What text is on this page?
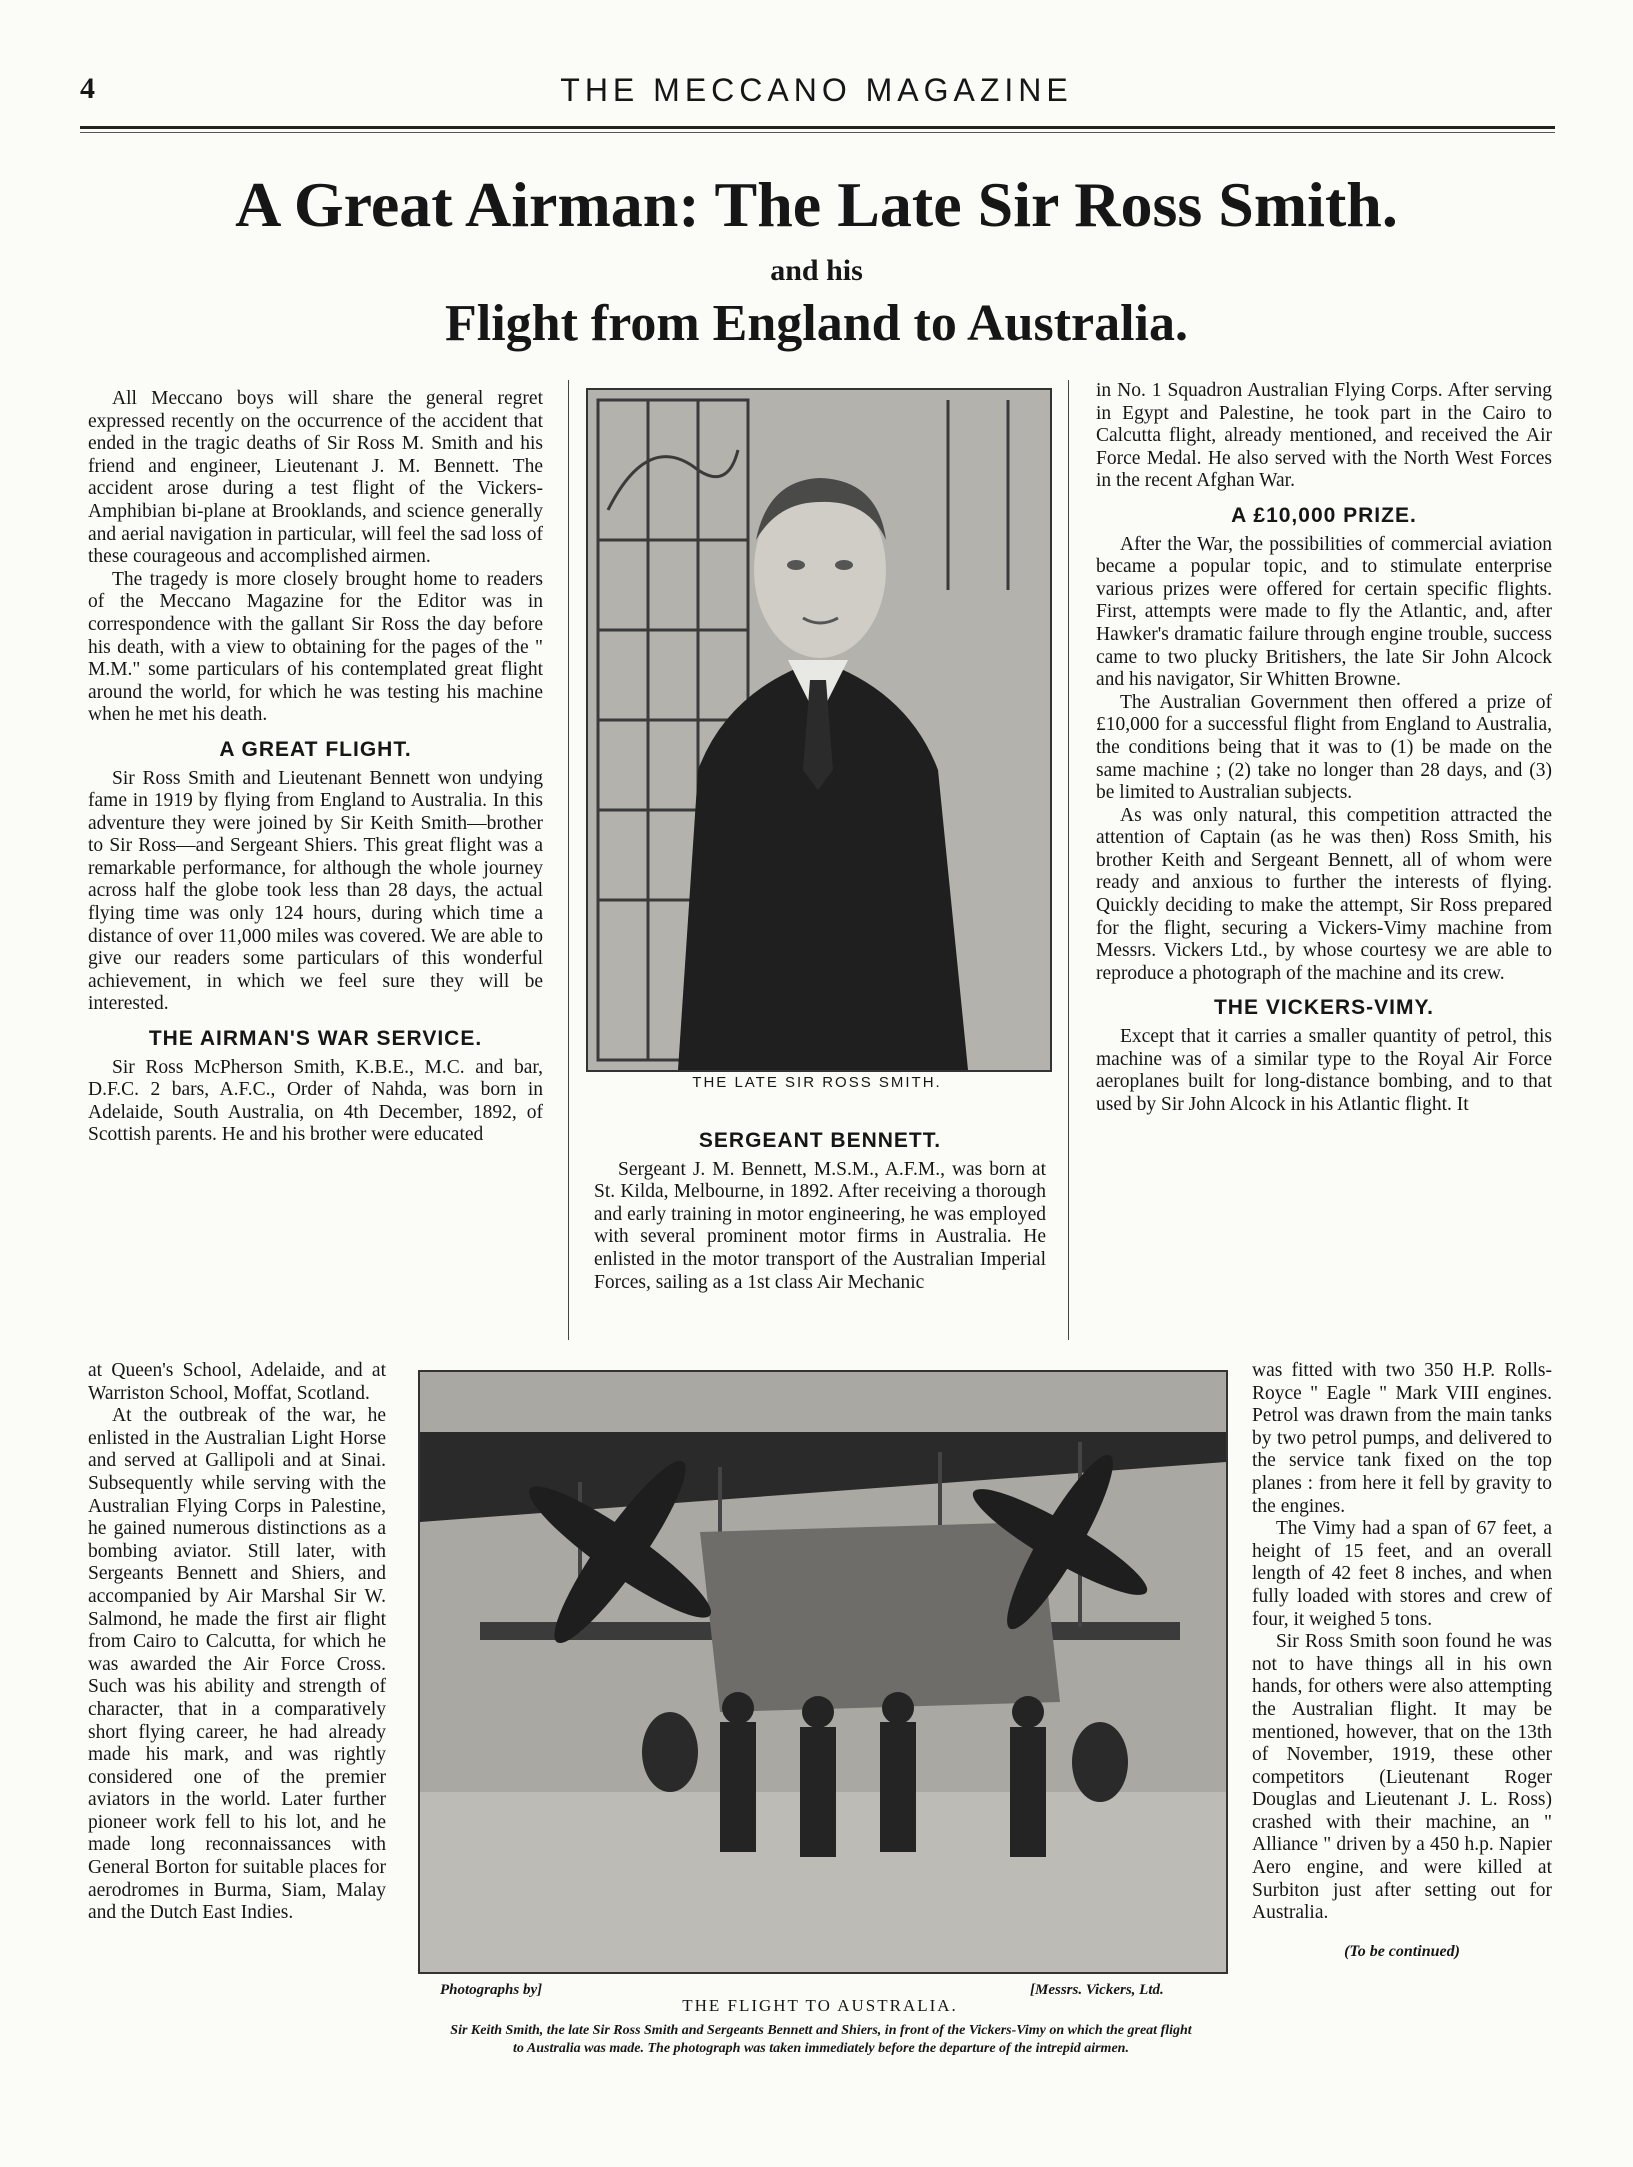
4	THE MECCANO MAGAZINE
A Great Airman: The Late Sir Ross Smith.
and his
Flight from England to Australia.

All Meccano boys will share the general regret expressed recently on the occurrence of the accident that ended in the tragic deaths of Sir Ross M. Smith and his friend and engineer, Lieutenant J. M. Bennett. The accident arose during a test flight of the Vickers-Amphibian bi-plane at Brooklands, and science generally and aerial navigation in particular, will feel the sad loss of these courageous and accomplished airmen.

The tragedy is more closely brought home to readers of the Meccano Magazine for the Editor was in correspondence with the gallant Sir Ross the day before his death, with a view to obtaining for the pages of the " M.M." some particulars of his contemplated great flight around the world, for which he was testing his machine when he met his death.

A GREAT FLIGHT.

Sir Ross Smith and Lieutenant Bennett won undying fame in 1919 by flying from England to Australia. In this adventure they were joined by Sir Keith Smith—brother to Sir Ross—and Sergeant Shiers. This great flight was a remarkable performance, for although the whole journey across half the globe took less than 28 days, the actual flying time was only 124 hours, during which time a distance of over 11,000 miles was covered. We are able to give our readers some particulars of this wonderful achievement, in which we feel sure they will be interested.

THE AIRMAN'S WAR SERVICE.

Sir Ross McPherson Smith, K.B.E., M.C. and bar, D.F.C. 2 bars, A.F.C., Order of Nahda, was born in Adelaide, South Australia, on 4th December, 1892, of Scottish parents. He and his brother were educated

at Queen's School, Adelaide, and at Warriston School, Moffat, Scotland.

At the outbreak of the war, he enlisted in the Australian Light Horse and served at Gallipoli and at Sinai. Subsequently while serving with the Australian Flying Corps in Palestine, he gained numerous distinctions as a bombing aviator. Still later, with Sergeants Bennett and Shiers, and accompanied by Air Marshal Sir W. Salmond, he made the first air flight from Cairo to Calcutta, for which he was awarded the Air Force Cross. Such was his ability and strength of character, that in a comparatively short flying career, he had already made his mark, and was rightly considered one of the premier aviators in the world. Later further pioneer work fell to his lot, and he made long reconnaissances with General Borton for suitable places for aerodromes in Burma, Siam, Malay and the Dutch East Indies.

THE LATE SIR ROSS SMITH.
SERGEANT BENNETT.

Sergeant J. M. Bennett, M.S.M., A.F.M., was born at St. Kilda, Melbourne, in 1892. After receiving a thorough and early training in motor engineering, he was employed with several prominent motor firms in Australia. He enlisted in the motor transport of the Australian Imperial Forces, sailing as a 1st class Air Mechanic

in No. 1 Squadron Australian Flying Corps. After serving in Egypt and Palestine, he took part in the Cairo to Calcutta flight, already mentioned, and received the Air Force Medal. He also served with the North West Forces in the recent Afghan War.

A £10,000 PRIZE.

After the War, the possibilities of commercial aviation became a popular topic, and to stimulate enterprise various prizes were offered for certain specific flights. First, attempts were made to fly the Atlantic, and, after Hawker's dramatic failure through engine trouble, success came to two plucky Britishers, the late Sir John Alcock and his navigator, Sir Whitten Browne.

The Australian Government then offered a prize of £10,000 for a successful flight from England to Australia, the conditions being that it was to (1) be made on the same machine ; (2) take no longer than 28 days, and (3) be limited to Australian subjects.

As was only natural, this competition attracted the attention of Captain (as he was then) Ross Smith, his brother Keith and Sergeant Bennett, all of whom were ready and anxious to further the interests of flying. Quickly deciding to make the attempt, Sir Ross prepared for the flight, securing a Vickers-Vimy machine from Messrs. Vickers Ltd., by whose courtesy we are able to reproduce a photograph of the machine and its crew.

THE VICKERS-VIMY.

Except that it carries a smaller quantity of petrol, this machine was of a similar type to the Royal Air Force aeroplanes built for long-distance bombing, and to that used by Sir John Alcock in his Atlantic flight. It

was fitted with two 350 H.P. Rolls-Royce " Eagle " Mark VIII engines. Petrol was drawn from the main tanks by two petrol pumps, and delivered to the service tank fixed on the top planes : from here it fell by gravity to the engines.

The Vimy had a span of 67 feet, a height of 15 feet, and an overall length of 42 feet 8 inches, and when fully loaded with stores and crew of four, it weighed 5 tons.

Sir Ross Smith soon found he was not to have things all in his own hands, for others were also attempting the Australian flight. It may be mentioned, however, that on the 13th of November, 1919, these other competitors (Lieutenant Roger Douglas and Lieutenant J. L. Ross) crashed with their machine, an " Alliance " driven by a 450 h.p. Napier Aero engine, and were killed at Surbiton just after setting out for Australia.

(To be continued)
Photographs by]	[Messrs. Vickers, Ltd.
THE FLIGHT TO AUSTRALIA.
Sir Keith Smith, the late Sir Ross Smith and Sergeants Bennett and Shiers, in front of the Vickers-Vimy on which the great flight to Australia was made. The photograph was taken immediately before the departure of the intrepid airmen.
